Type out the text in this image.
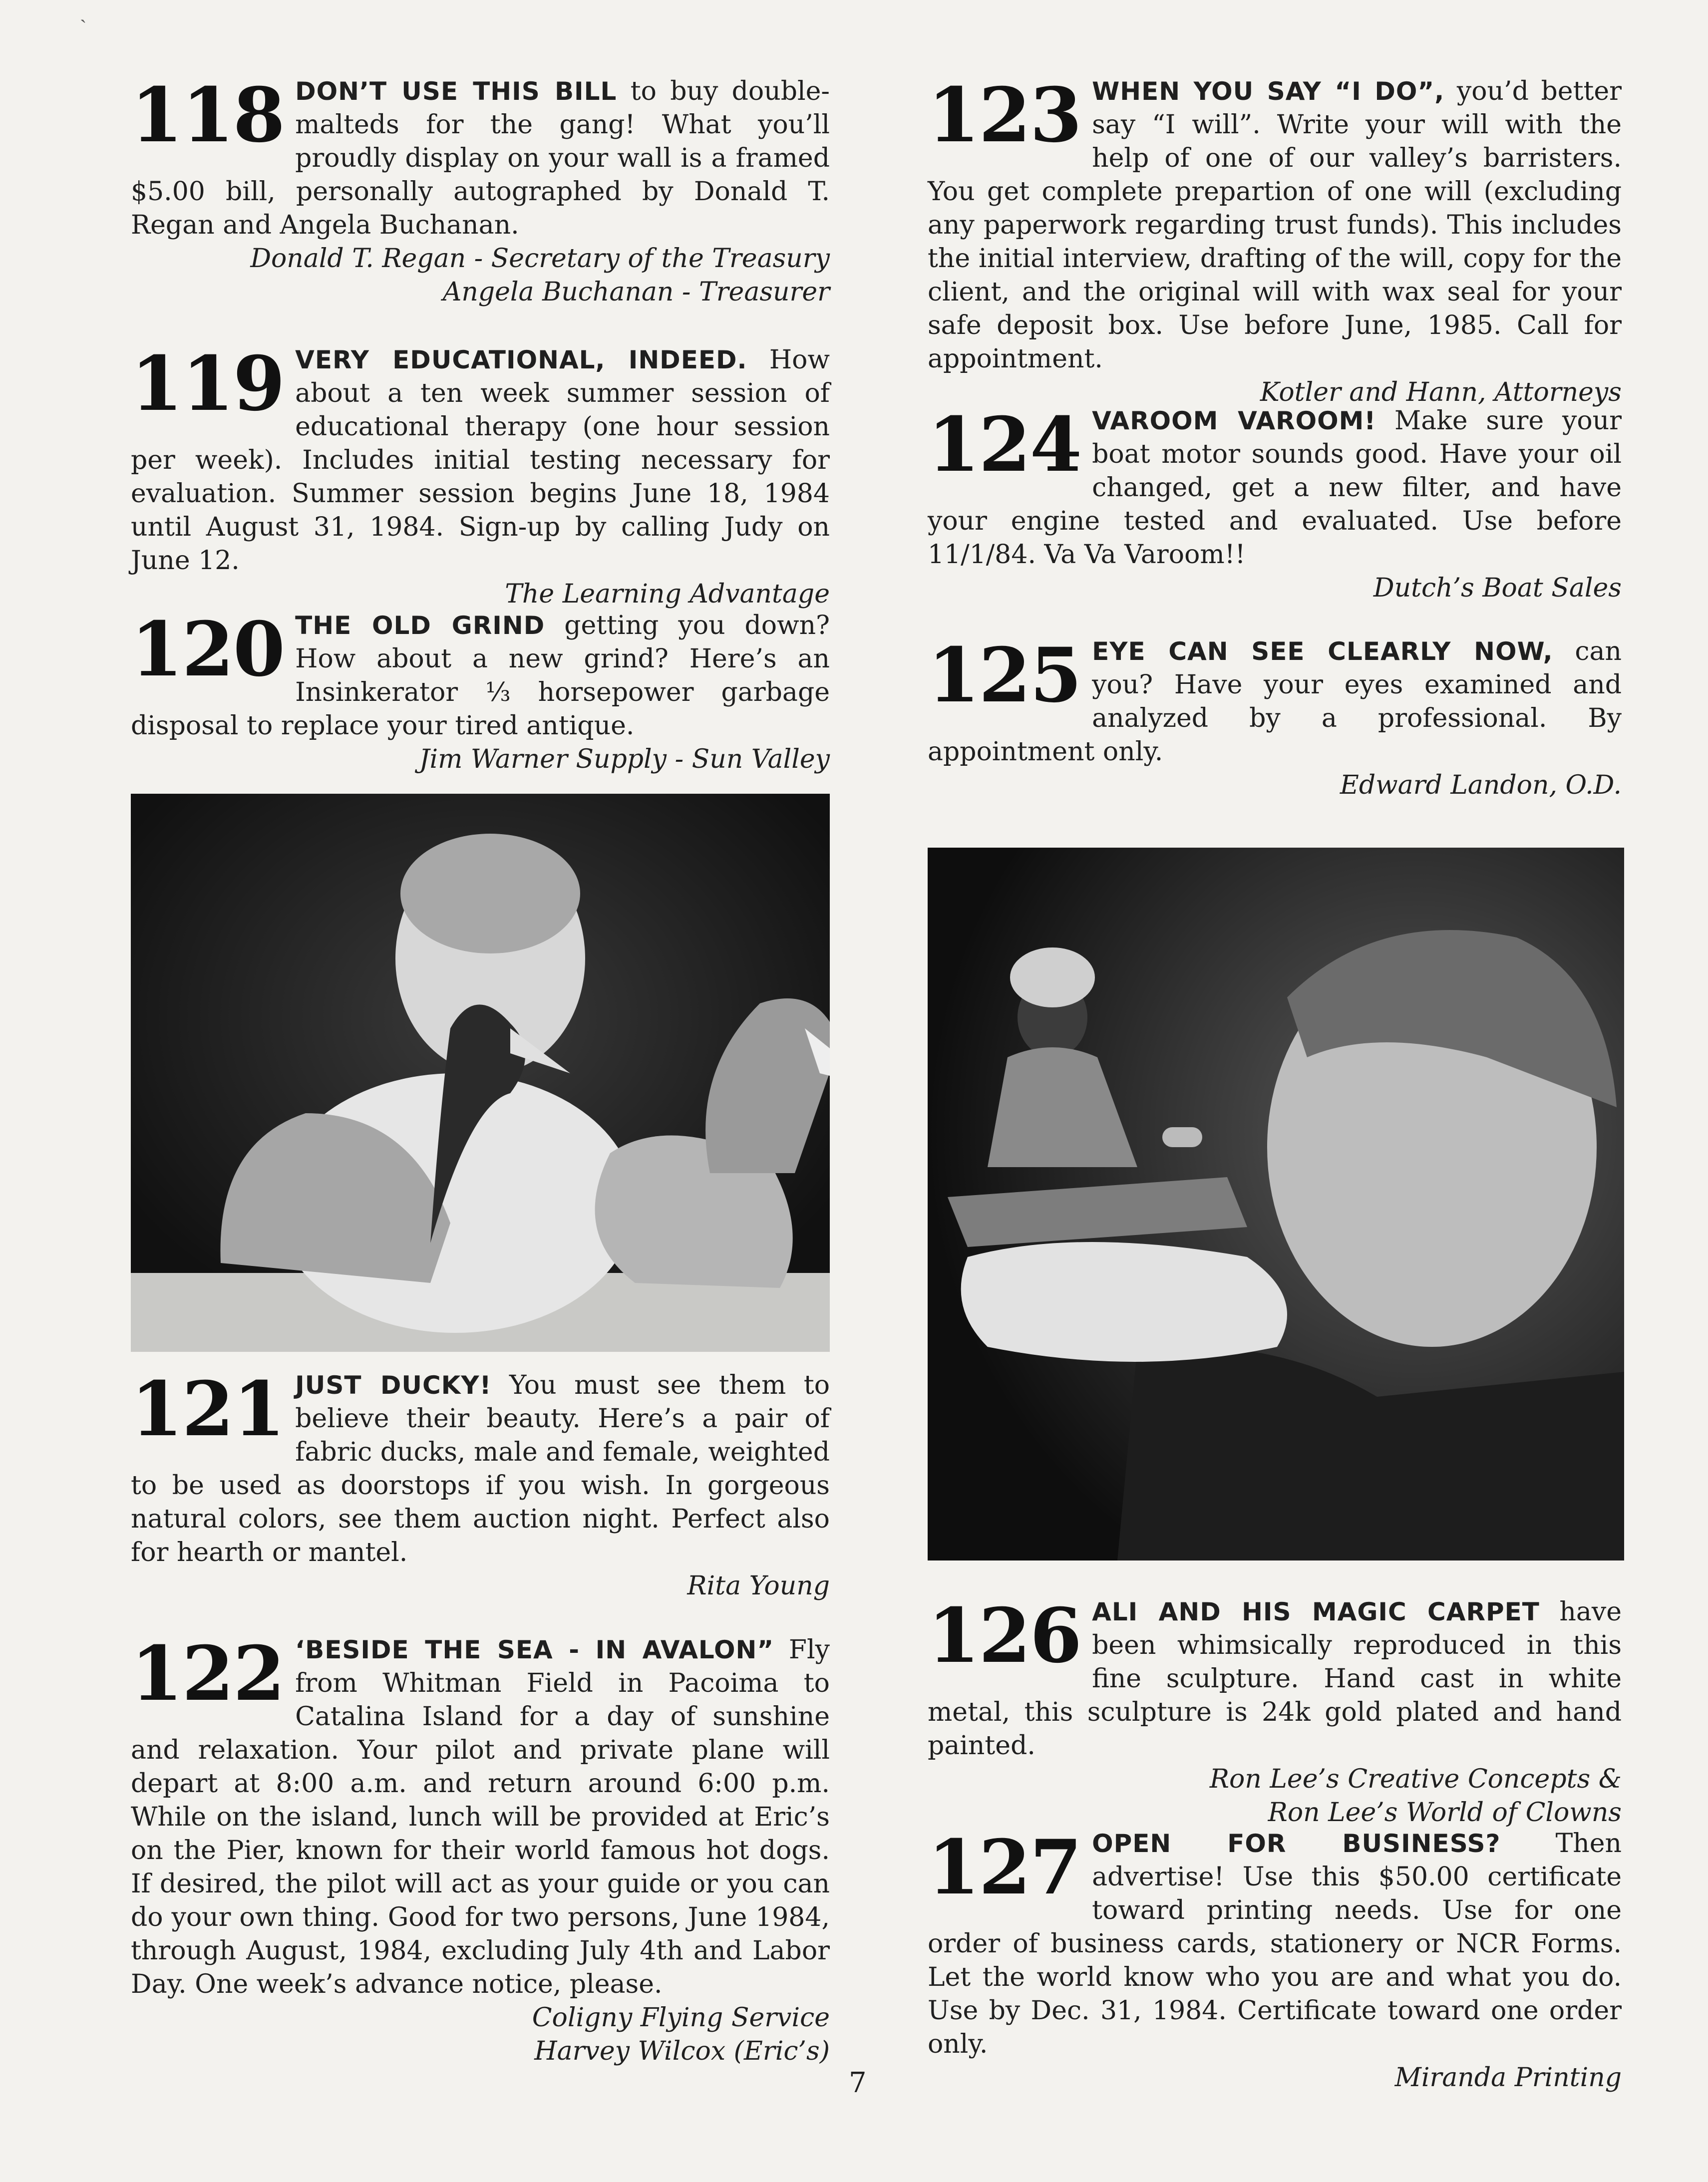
ˎ
118 DON’T USE THIS BILL to buy double-malteds for the gang! What you’ll proudly display on your wall is a framed $5.00 bill, personally autographed by Donald T. Regan and Angela Buchanan.

Donald T. Regan - Secretary of the Treasury

Angela Buchanan - Treasurer

119 VERY EDUCATIONAL, INDEED. How about a ten week summer session of educational therapy (one hour session per week). Includes initial testing necessary for evaluation. Summer session begins June 18, 1984 until August 31, 1984. Sign-up by calling Judy on June 12.

The Learning Advantage

120 THE OLD GRIND getting you down? How about a new grind? Here’s an Insinkerator ⅓ horsepower garbage disposal to replace your tired antique.

Jim Warner Supply - Sun Valley

121 JUST DUCKY! You must see them to believe their beauty. Here’s a pair of fabric ducks, male and female, weighted to be used as doorstops if you wish. In gorgeous natural colors, see them auction night. Perfect also for hearth or mantel.

Rita Young

122 ‘BESIDE THE SEA - IN AVALON” Fly from Whitman Field in Pacoima to Catalina Island for a day of sunshine and relaxation. Your pilot and private plane will depart at 8:00 a.m. and return around 6:00 p.m. While on the island, lunch will be provided at Eric’s on the Pier, known for their world famous hot dogs. If desired, the pilot will act as your guide or you can do your own thing. Good for two persons, June 1984, through August, 1984, excluding July 4th and Labor Day. One week’s advance notice, please.

Coligny Flying Service

Harvey Wilcox (Eric’s)

123 WHEN YOU SAY “I DO”, you’d better say “I will”. Write your will with the help of one of our valley’s barristers. You get complete prepartion of one will (excluding any paperwork regarding trust funds). This includes the initial interview, drafting of the will, copy for the client, and the original will with wax seal for your safe deposit box. Use before June, 1985. Call for appointment.

Kotler and Hann, Attorneys

124 VAROOM VAROOM! Make sure your boat motor sounds good. Have your oil changed, get a new filter, and have your engine tested and evaluated. Use before 11/1/84. Va Va Varoom!!

Dutch’s Boat Sales

125 EYE CAN SEE CLEARLY NOW, can you? Have your eyes examined and analyzed by a professional. By appointment only.

Edward Landon, O.D.

126 ALI AND HIS MAGIC CARPET have been whimsically reproduced in this fine sculpture. Hand cast in white metal, this sculpture is 24k gold plated and hand painted.

Ron Lee’s Creative Concepts &

Ron Lee’s World of Clowns

127 OPEN FOR BUSINESS? Then advertise! Use this $50.00 certificate toward printing needs. Use for one order of business cards, stationery or NCR Forms. Let the world know who you are and what you do. Use by Dec. 31, 1984. Certificate toward one order only.

Miranda Printing

7
